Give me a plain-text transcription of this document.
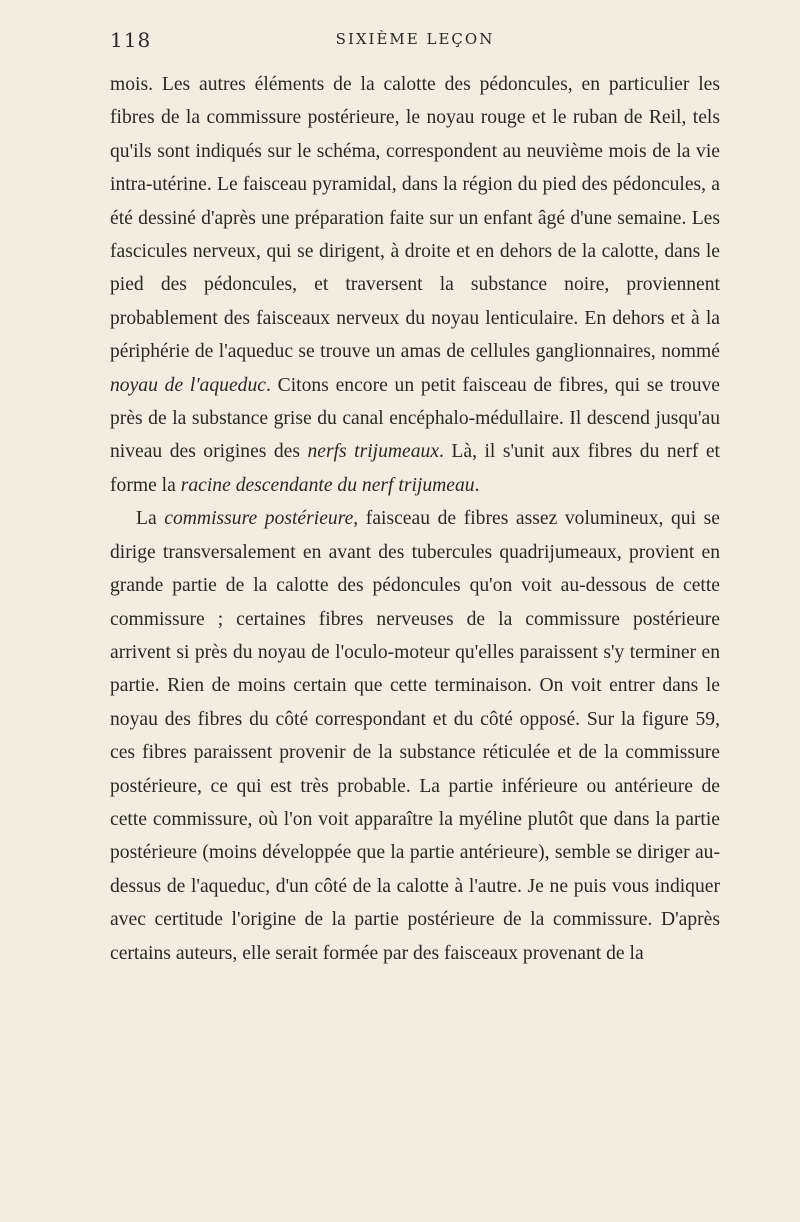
118	SIXIÈME LEÇON

mois. Les autres éléments de la calotte des pédoncules, en particulier les fibres de la commissure postérieure, le noyau rouge et le ruban de Reil, tels qu'ils sont indiqués sur le schéma, correspondent au neuvième mois de la vie intra-utérine. Le faisceau pyramidal, dans la région du pied des pédoncules, a été dessiné d'après une préparation faite sur un enfant âgé d'une semaine. Les fascicules nerveux, qui se dirigent, à droite et en dehors de la calotte, dans le pied des pédoncules, et traversent la substance noire, proviennent probablement des faisceaux nerveux du noyau lenticulaire. En dehors et à la périphérie de l'aqueduc se trouve un amas de cellules ganglionnaires, nommé noyau de l'aqueduc. Citons encore un petit faisceau de fibres, qui se trouve près de la substance grise du canal encéphalo-médullaire. Il descend jusqu'au niveau des origines des nerfs trijumeaux. Là, il s'unit aux fibres du nerf et forme la racine descendante du nerf trijumeau.

La commissure postérieure, faisceau de fibres assez volumineux, qui se dirige transversalement en avant des tubercules quadrijumeaux, provient en grande partie de la calotte des pédoncules qu'on voit au-dessous de cette commissure ; certaines fibres nerveuses de la commissure postérieure arrivent si près du noyau de l'oculo-moteur qu'elles paraissent s'y terminer en partie. Rien de moins certain que cette terminaison. On voit entrer dans le noyau des fibres du côté correspondant et du côté opposé. Sur la figure 59, ces fibres paraissent provenir de la substance réticulée et de la commissure postérieure, ce qui est très probable. La partie inférieure ou antérieure de cette commissure, où l'on voit apparaître la myéline plutôt que dans la partie postérieure (moins développée que la partie antérieure), semble se diriger au-dessus de l'aqueduc, d'un côté de la calotte à l'autre. Je ne puis vous indiquer avec certitude l'origine de la partie postérieure de la commissure. D'après certains auteurs, elle serait formée par des faisceaux provenant de la
